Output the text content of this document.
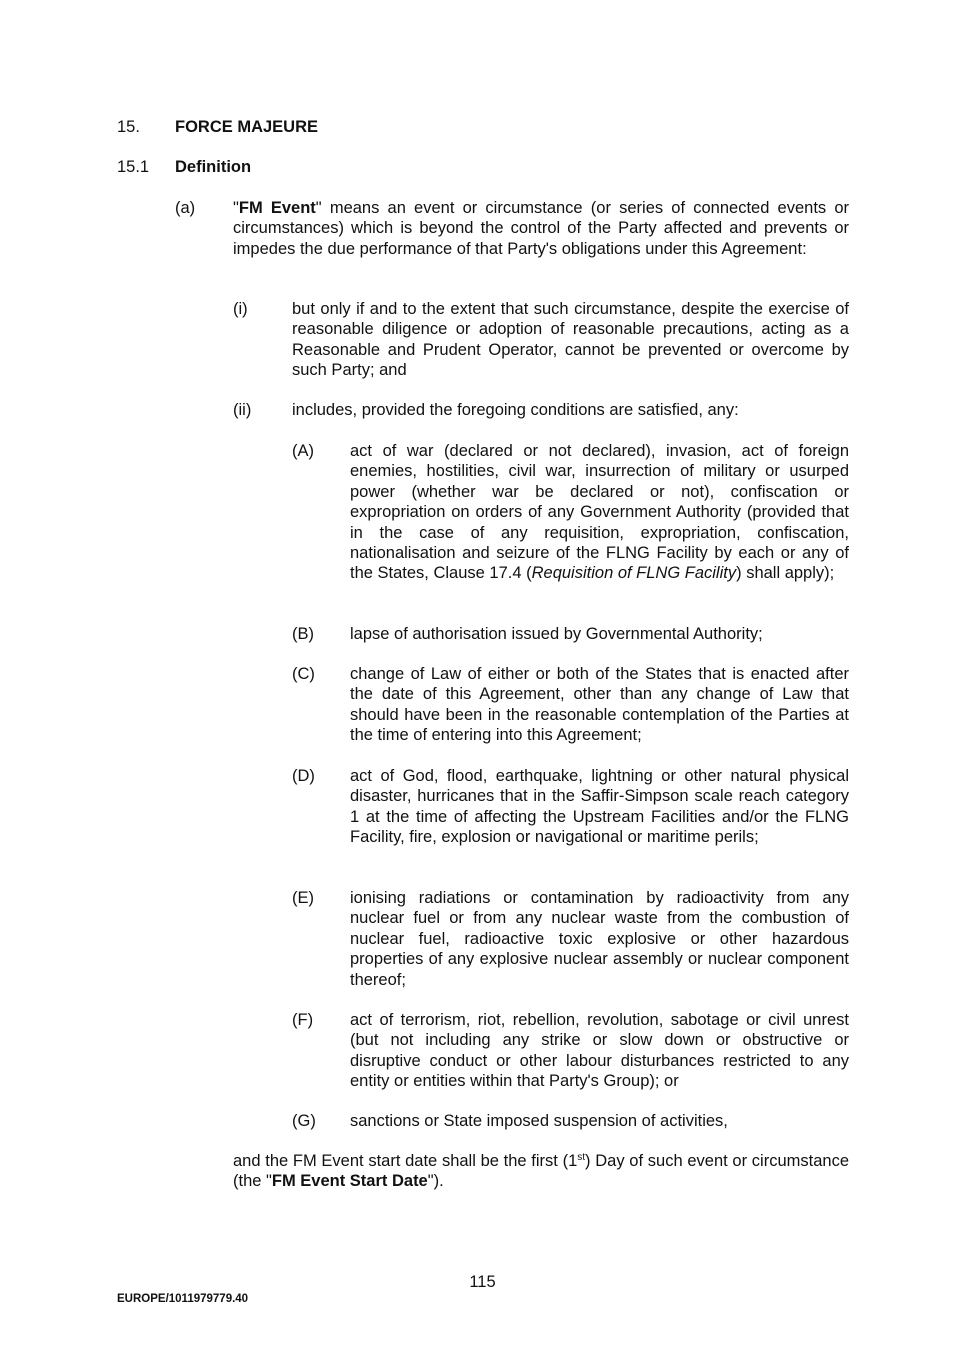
15. FORCE MAJEURE
15.1 Definition
(a) "FM Event" means an event or circumstance (or series of connected events or circumstances) which is beyond the control of the Party affected and prevents or impedes the due performance of that Party's obligations under this Agreement:
(i)	but only if and to the extent that such circumstance, despite the exercise of reasonable diligence or adoption of reasonable precautions, acting as a Reasonable and Prudent Operator, cannot be prevented or overcome by such Party; and
(ii) includes, provided the foregoing conditions are satisfied, any:
(A) act of war (declared or not declared), invasion, act of foreign enemies, hostilities, civil war, insurrection of military or usurped power (whether war be declared or not), confiscation or expropriation on orders of any Government Authority (provided that in the case of any requisition, expropriation, confiscation, nationalisation and seizure of the FLNG Facility by each or any of the States, Clause 17.4 (Requisition of FLNG Facility) shall apply);
(B) lapse of authorisation issued by Governmental Authority;
(C) change of Law of either or both of the States that is enacted after the date of this Agreement, other than any change of Law that should have been in the reasonable contemplation of the Parties at the time of entering into this Agreement;
(D) act of God, flood, earthquake, lightning or other natural physical disaster, hurricanes that in the Saffir-Simpson scale reach category 1 at the time of affecting the Upstream Facilities and/or the FLNG Facility, fire, explosion or navigational or maritime perils;
(E) ionising radiations or contamination by radioactivity from any nuclear fuel or from any nuclear waste from the combustion of nuclear fuel, radioactive toxic explosive or other hazardous properties of any explosive nuclear assembly or nuclear component thereof;
(F) act of terrorism, riot, rebellion, revolution, sabotage or civil unrest (but not including any strike or slow down or obstructive or disruptive conduct or other labour disturbances restricted to any entity or entities within that Party's Group); or
(G) sanctions or State imposed suspension of activities,
and the FM Event start date shall be the first (1st) Day of such event or circumstance (the "FM Event Start Date").
115
EUROPE/1011979779.40
